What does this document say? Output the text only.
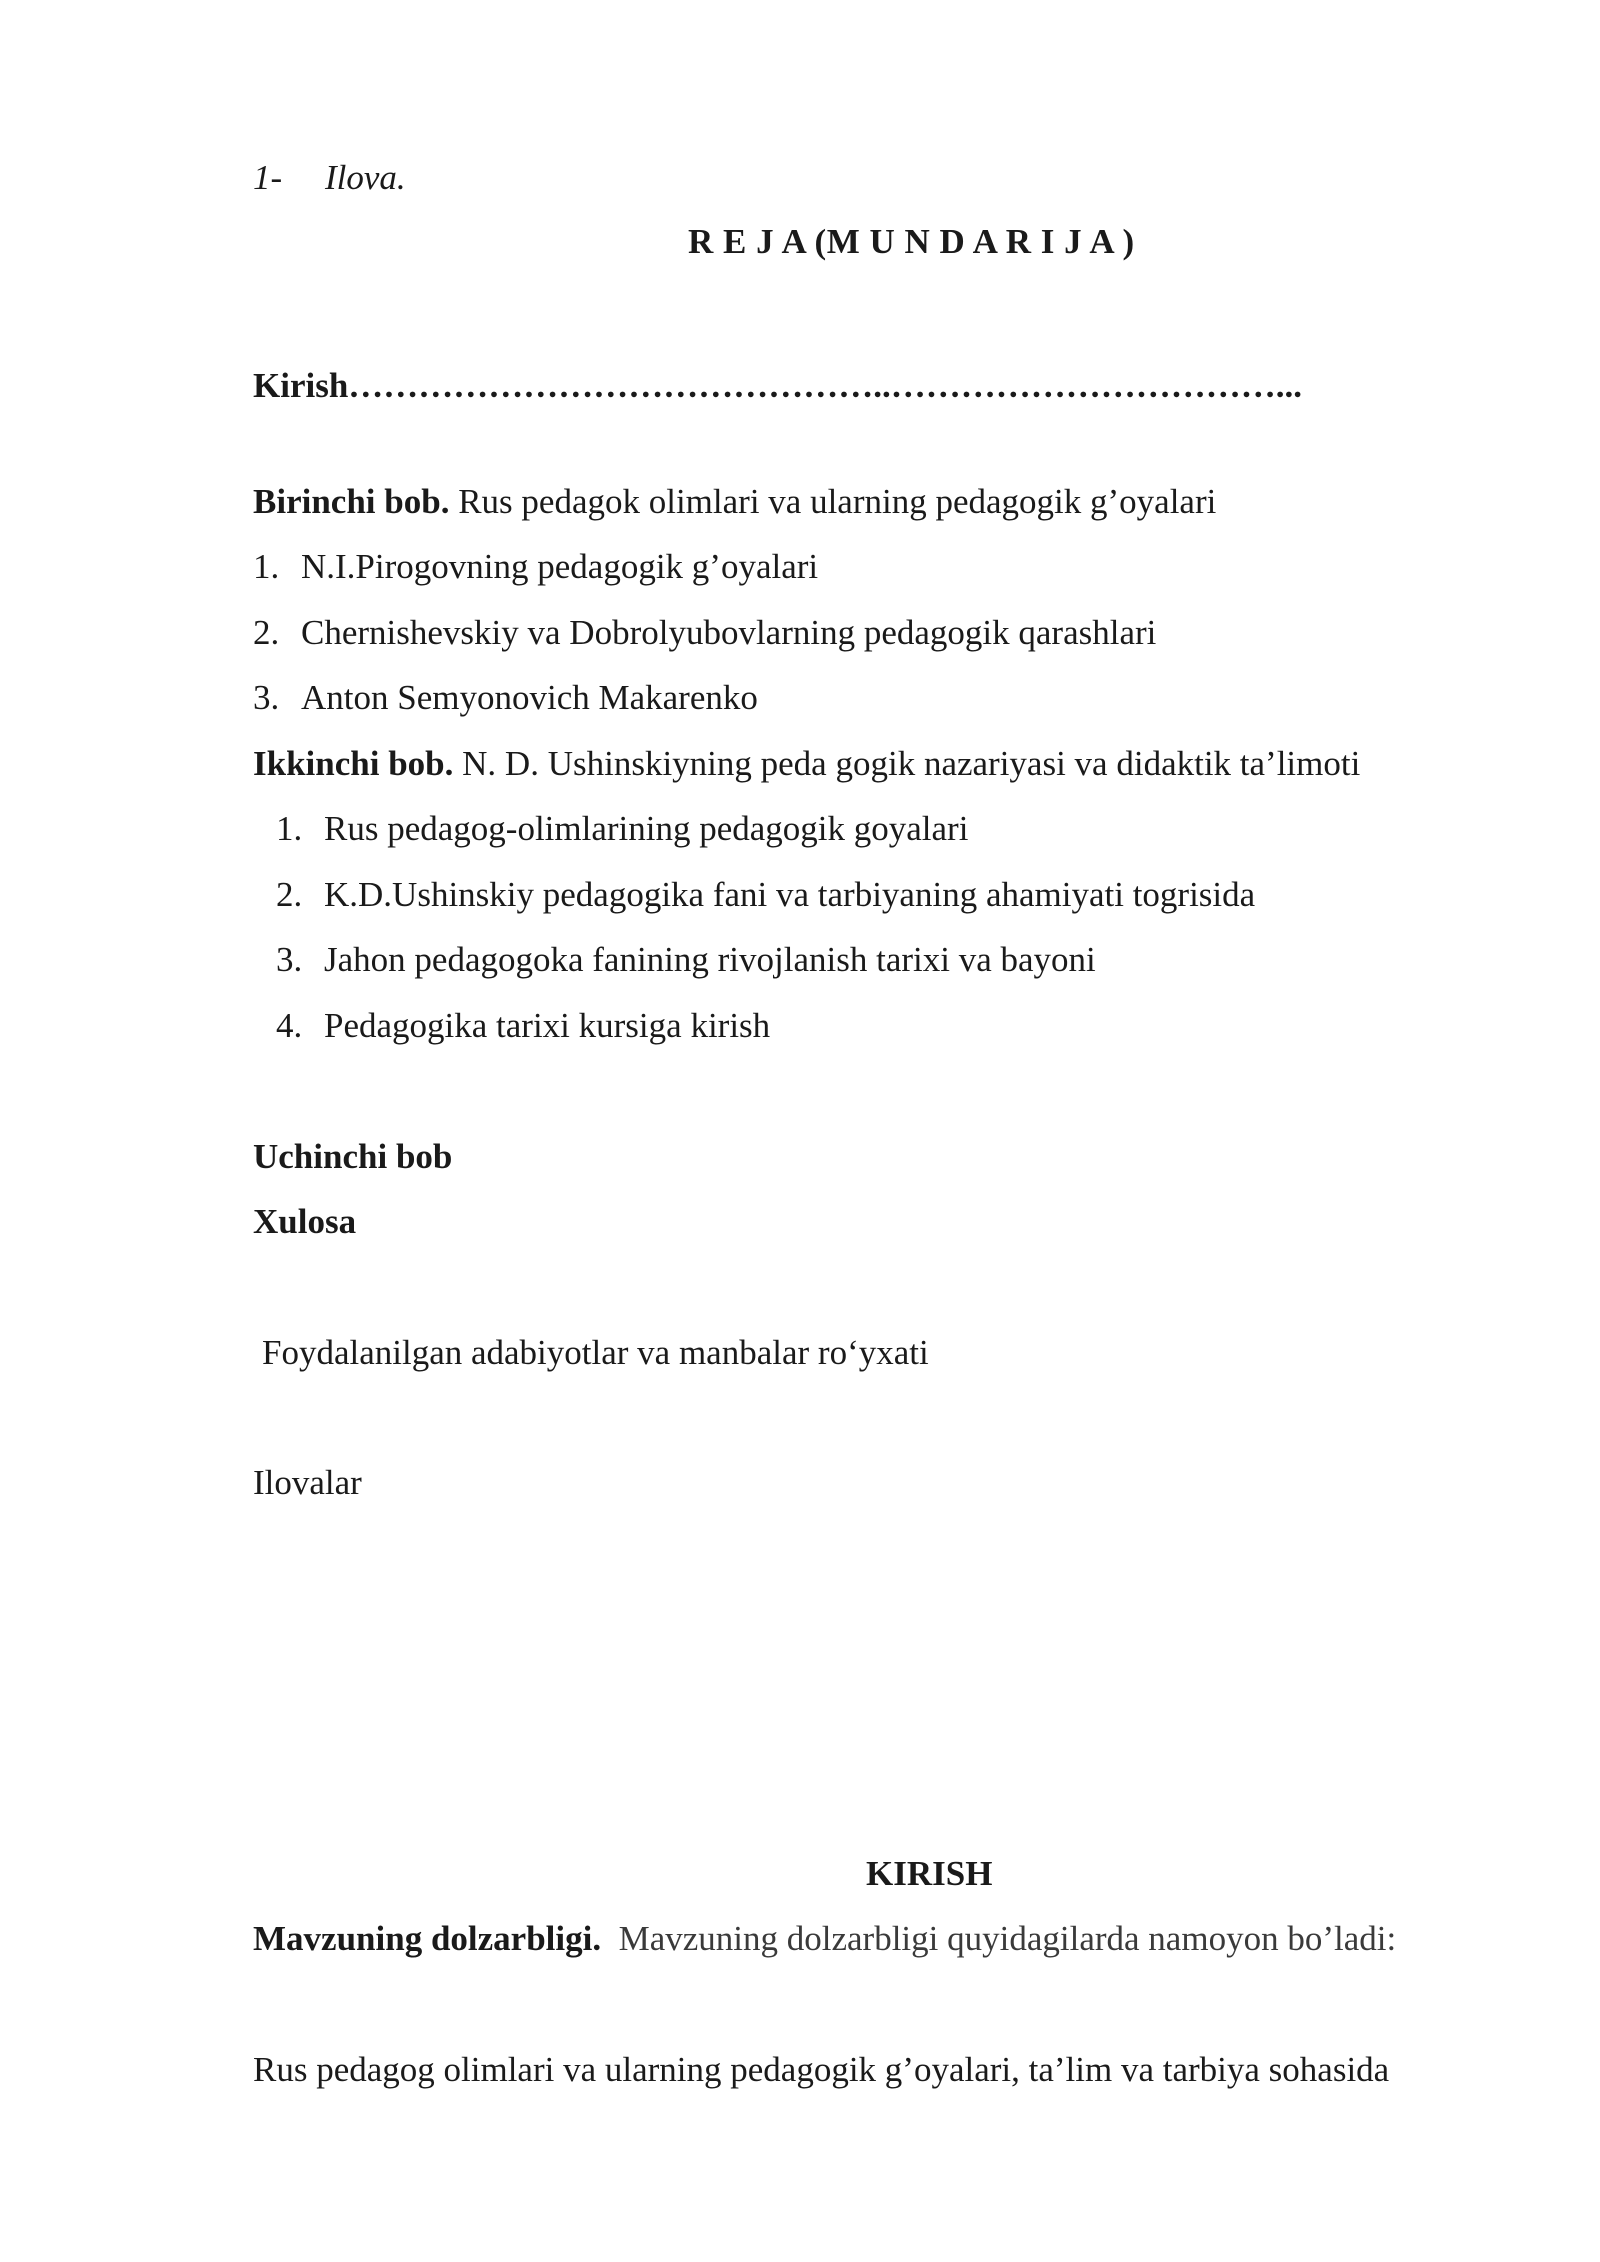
1- Ilova.
R E J A (M U N D A R I J A )
Kirish………………………………………..……………………………...
Birinchi bob. Rus pedagok olimlari va ularning pedagogik g’oyalari
1. N.I.Pirogovning pedagogik g’oyalari
2. Chernishevskiy va Dobrolyubovlarning pedagogik qarashlari
3. Anton Semyonovich Makarenko
Ikkinchi bob. N. D. Ushinskiyning peda gogik nazariyasi va didaktik ta’limoti
1. Rus pedagog-olimlarining pedagogik goyalari
2. K.D.Ushinskiy pedagogika fani va tarbiyaning ahamiyati togrisida
3. Jahon pedagogoka fanining rivojlanish tarixi va bayoni
4. Pedagogika tarixi kursiga kirish
Uchinchi bob
Xulosa
Foydalanilgan adabiyotlar va manbalar ro‘yxati
Ilovalar
KIRISH
Mavzuning dolzarbligi. Mavzuning dolzarbligi quyidagilarda namoyon bo’ladi:
Rus pedagog olimlari va ularning pedagogik g’oyalari, ta’lim va tarbiya sohasida
